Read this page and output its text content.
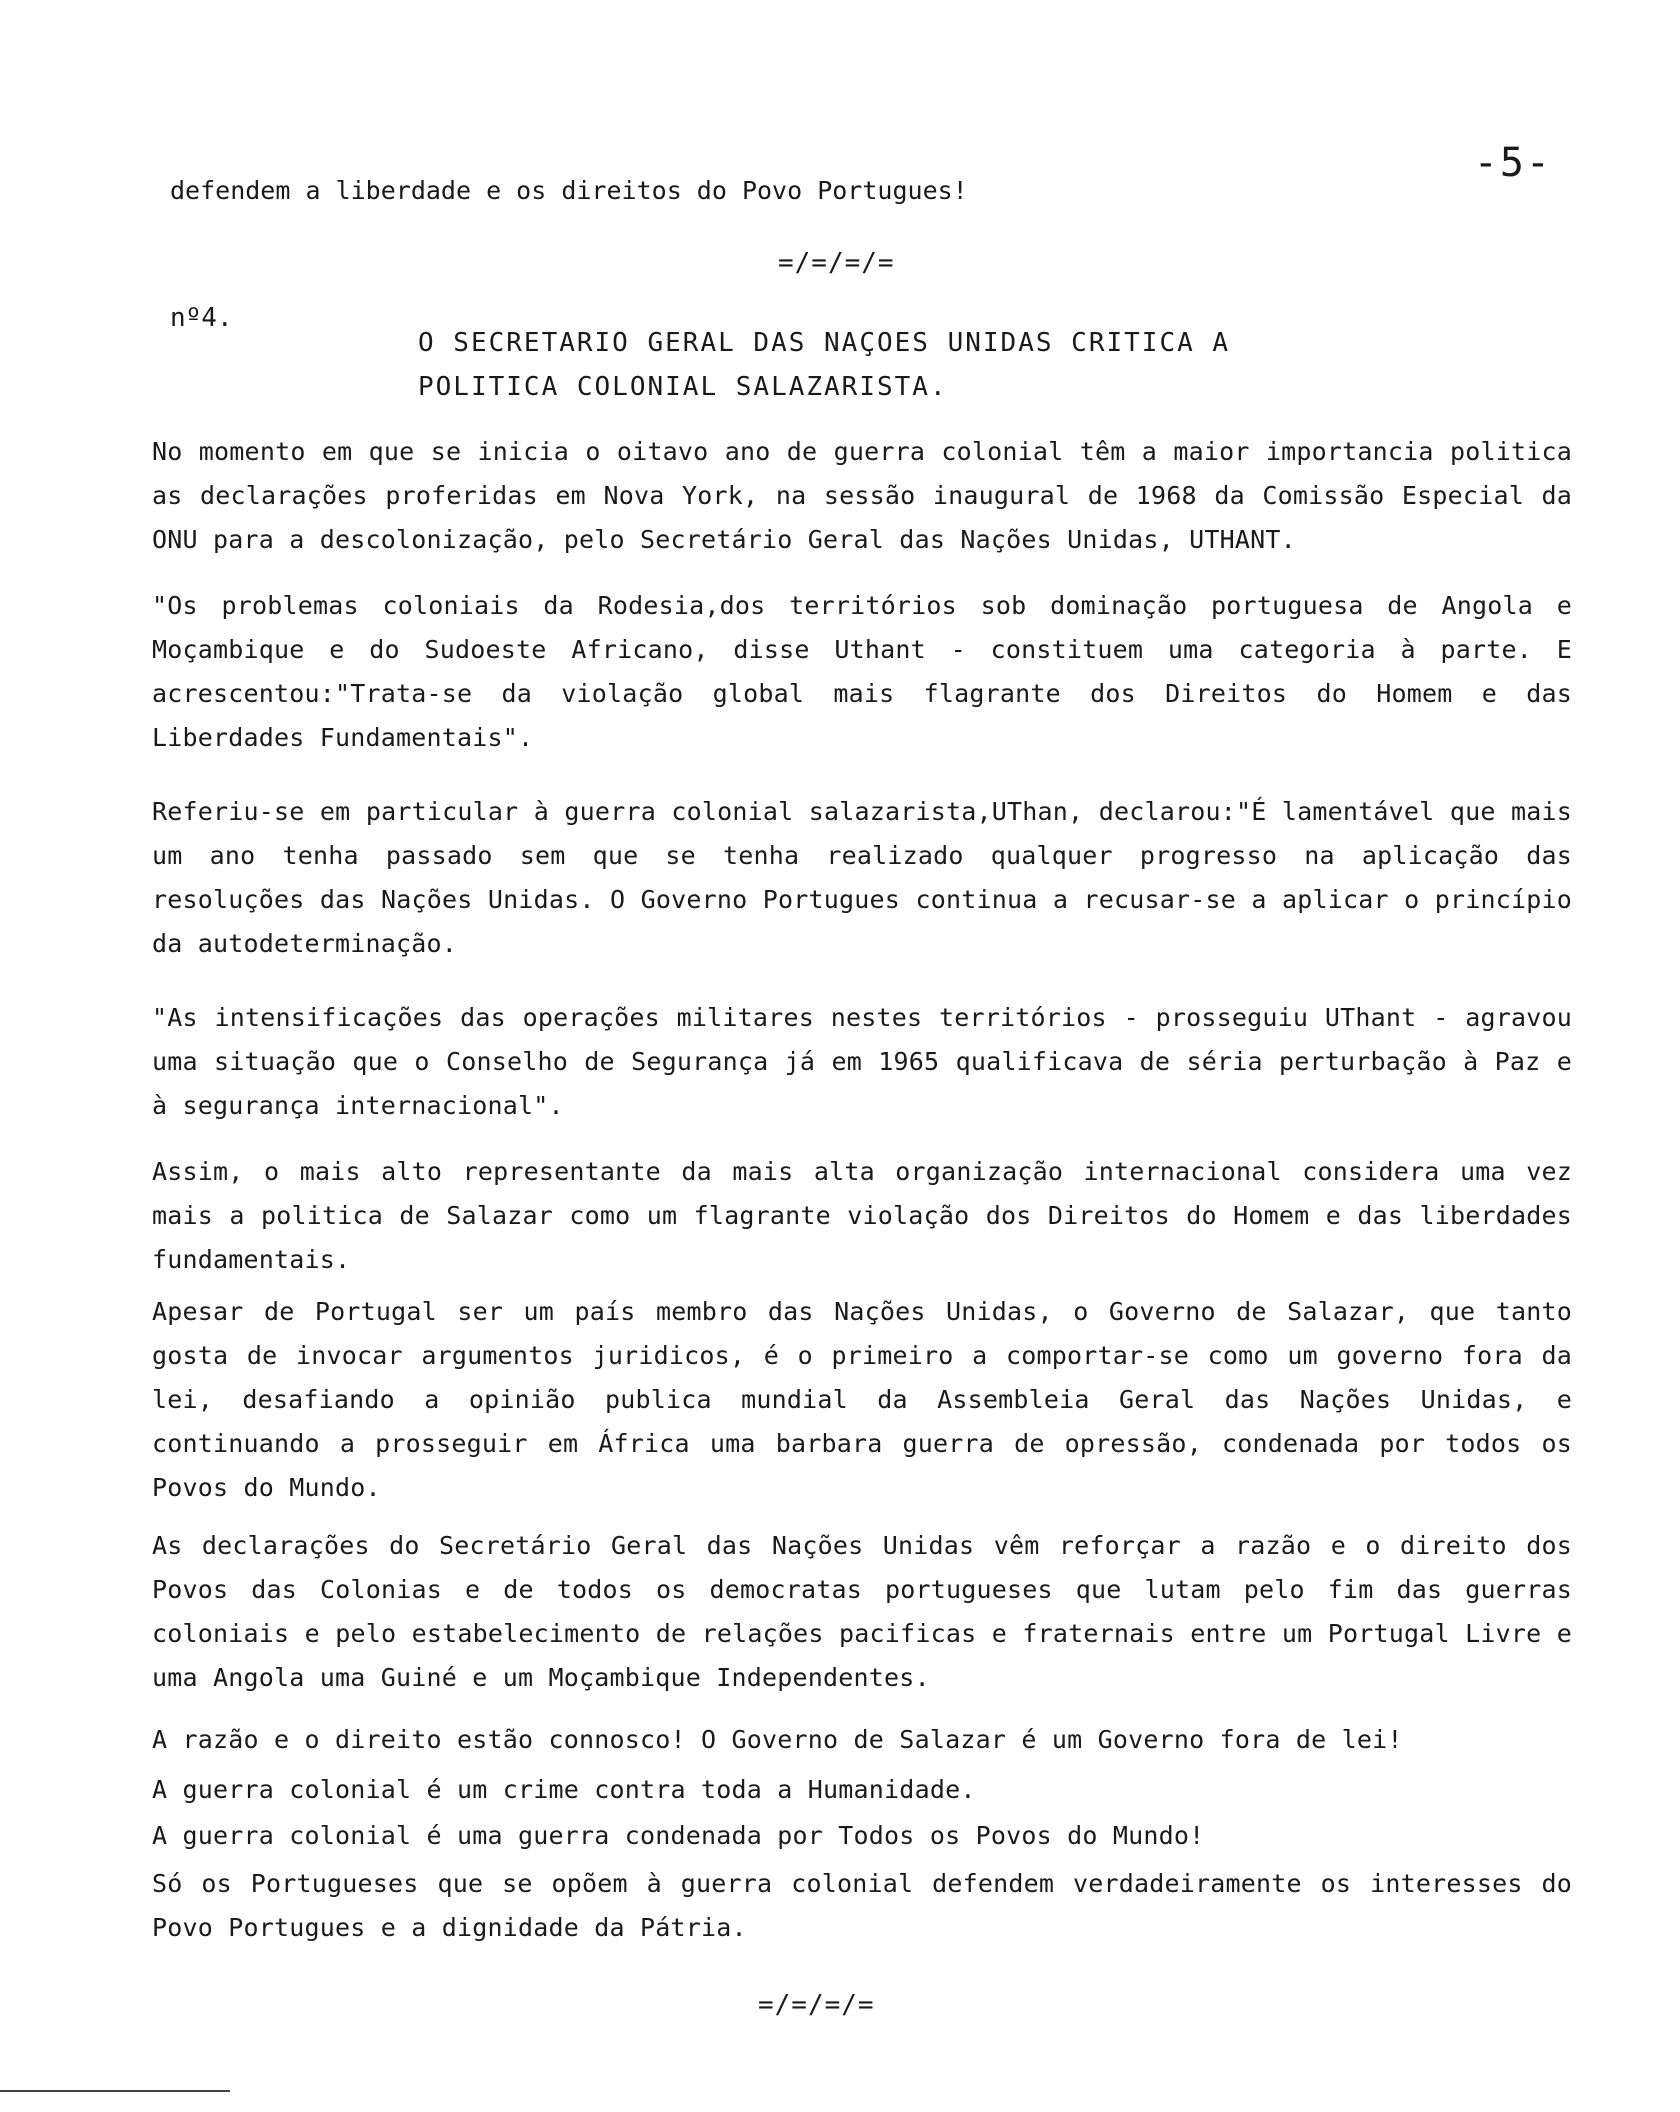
-5-
defendem a liberdade e os direitos do Povo Portugues!
=/=/=/=
nº4.
O SECRETARIO GERAL DAS NAÇOES UNIDAS CRITICA A
POLITICA COLONIAL SALAZARISTA.
No momento em que se inicia o oitavo ano de guerra colonial têm a maior importancia politica as declarações proferidas em Nova York, na sessão inaugural de 1968 da Comissão Especial da ONU para a descolonização, pelo Secretário Geral das Nações Unidas, UTHANT.
"Os problemas coloniais da Rodesia,dos territórios sob dominação portuguesa de Angola e Moçambique e do Sudoeste Africano, disse Uthant - constituem uma categoria à parte. E acrescentou:"Trata-se da violação global mais flagrante dos Direitos do Homem e das Liberdades Fundamentais".
Referiu-se em particular à guerra colonial salazarista,UThan, declarou:"É lamentável que mais um ano tenha passado sem que se tenha realizado qualquer progresso na aplicação das resoluções das Nações Unidas. O Governo Portugues continua a recusar-se a aplicar o princípio da autodeterminação.
"As intensificações das operações militares nestes territórios - prosseguiu UThant - agravou uma situação que o Conselho de Segurança já em 1965 qualificava de séria perturbação à Paz e à segurança internacional".
Assim, o mais alto representante da mais alta organização internacional considera uma vez mais a politica de Salazar como um flagrante violação dos Direitos do Homem e das liberdades fundamentais.
Apesar de Portugal ser um país membro das Nações Unidas, o Governo de Salazar, que tanto gosta de invocar argumentos juridicos, é o primeiro a comportar-se como um governo fora da lei, desafiando a opinião publica mundial da Assembleia Geral das Nações Unidas, e continuando a prosseguir em África uma barbara guerra de opressão, condenada por todos os Povos do Mundo.
As declarações do Secretário Geral das Nações Unidas vêm reforçar a razão e o direito dos Povos das Colonias e de todos os democratas portugueses que lutam pelo fim das guerras coloniais e pelo estabelecimento de relações pacificas e fraternais entre um Portugal Livre e uma Angola uma Guiné e um Moçambique Independentes.
A razão e o direito estão connosco! O Governo de Salazar é um Governo fora de lei!
A guerra colonial é um crime contra toda a Humanidade.
A guerra colonial é uma guerra condenada por Todos os Povos do Mundo!
Só os Portugueses que se opõem à guerra colonial defendem verdadeiramente os interesses do Povo Portugues e a dignidade da Pátria.
=/=/=/=
